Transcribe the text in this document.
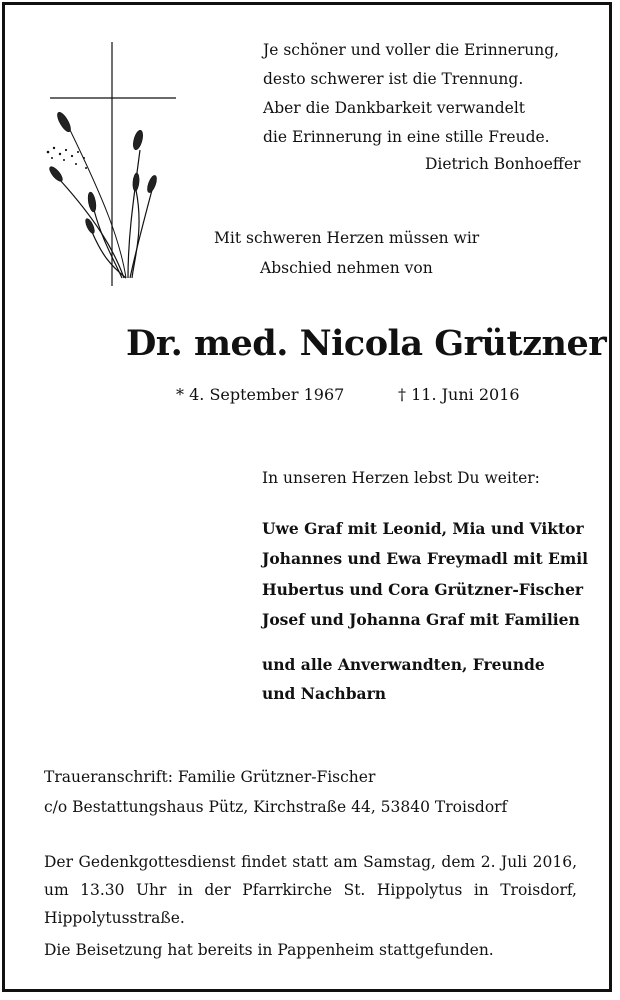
Je schöner und voller die Erinnerung,
desto schwerer ist die Trennung.
Aber die Dankbarkeit verwandelt
die Erinnerung in eine stille Freude.
Dietrich Bonhoeffer
Mit schweren Herzen müssen wir
Abschied nehmen von
Dr. med. Nicola Grützner
* 4. September 1967	† 11. Juni 2016
In unseren Herzen lebst Du weiter:
Uwe Graf mit Leonid, Mia und Viktor
Johannes und Ewa Freymadl mit Emil
Hubertus und Cora Grützner-Fischer
Josef und Johanna Graf mit Familien
und alle Anverwandten, Freunde
und Nachbarn
Traueranschrift: Familie Grützner-Fischer
c/o Bestattungshaus Pütz, Kirchstraße 44, 53840 Troisdorf
Der Gedenkgottesdienst findet statt am Samstag, dem 2. Juli 2016,
um 13.30 Uhr in der Pfarrkirche St. Hippolytus in Troisdorf,
Hippolytusstraße.
Die Beisetzung hat bereits in Pappenheim stattgefunden.
